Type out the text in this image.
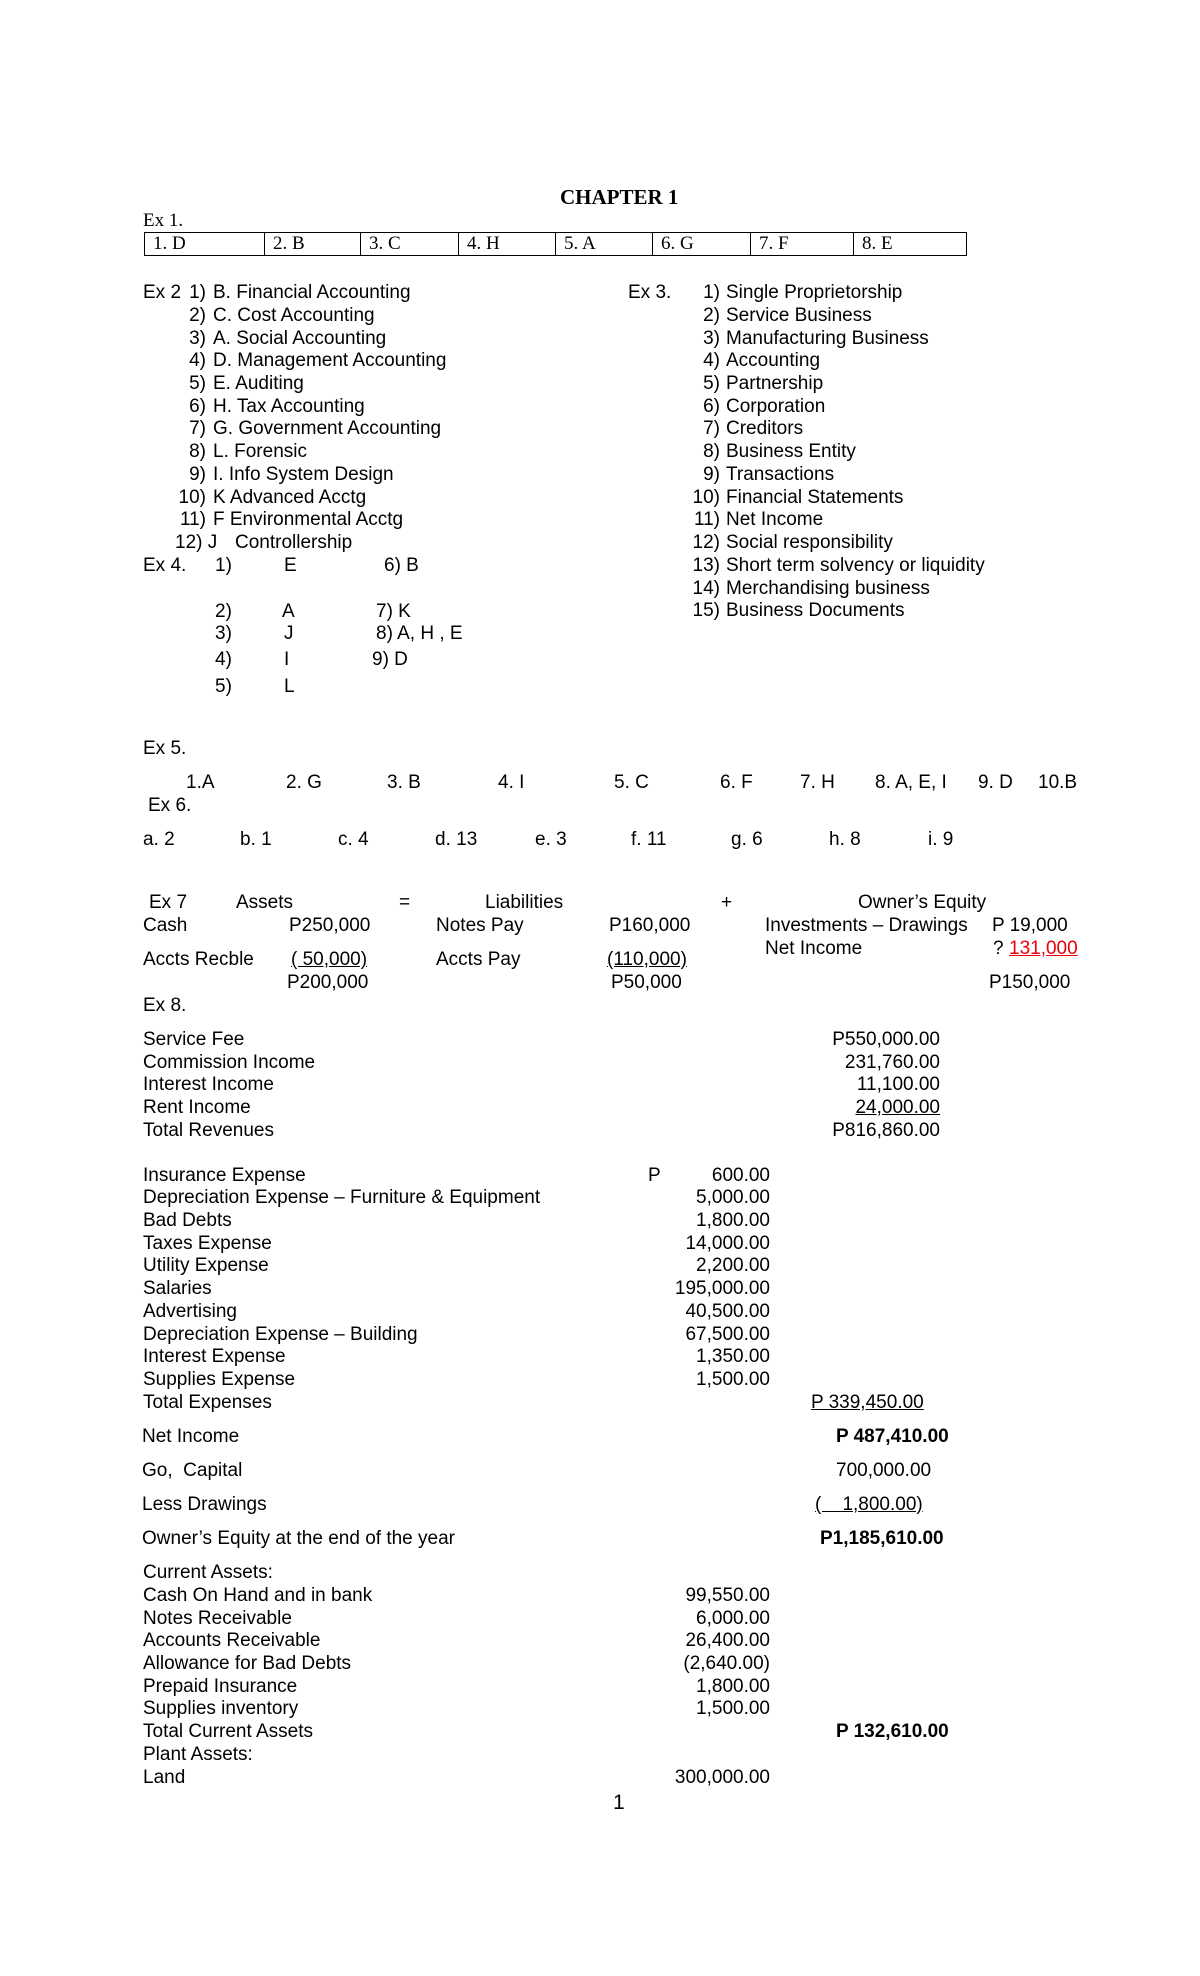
CHAPTER 1
Ex 1.
1. D	2. B	3. C	4. H	5. A	6. G	7. F	8. E
Ex 2 1) B. Financial Accounting
2) C. Cost Accounting
3) A. Social Accounting
4) D. Management Accounting
5) E. Auditing
6) H. Tax Accounting
7) G. Government Accounting
8) L. Forensic
9) I. Info System Design
10) K Advanced Acctg
11) F Environmental Acctg
12) J Controllership
Ex 3.	1) Single Proprietorship
2) Service Business
3) Manufacturing Business
4) Accounting
5) Partnership
6) Corporation
7) Creditors
8) Business Entity
9) Transactions
10) Financial Statements
11) Net Income
12) Social responsibility
13) Short term solvency or liquidity
14) Merchandising business
15) Business Documents
Ex 4. 1)	E	6) B
2)	A	7) K
3)	J	8) A, H , E
4)	I	9) D
5)	L
Ex 5.
1.A	2. G	3. B	4. I	5. C	6. F 7. H 8. A, E, I 9. D 10.B
Ex 6.
a. 2	b. 1	c. 4	d. 13	e. 3	f. 11	g. 6	h. 8	i. 9
Ex 7	Assets	=	Liabilities	+	Owner’s Equity
Cash	P250,000	Notes Pay	P160,000	Investments – Drawings P 19,000
Net Income	? 131,000
Accts Recble ( 50,000)	Accts Pay	(110,000)
P200,000	P50,000	P150,000
Ex 8.
Service Fee	P550,000.00
Commission Income	231,760.00
Interest Income	11,100.00
Rent Income	24,000.00
Total Revenues	P816,860.00
P
Insurance Expense	600.00
Depreciation Expense – Furniture & Equipment	5,000.00
Bad Debts	1,800.00
Taxes Expense	14,000.00
Utility Expense	2,200.00
Salaries	195,000.00
Advertising	40,500.00
Depreciation Expense – Building	67,500.00
Interest Expense	1,350.00
Supplies Expense	1,500.00
Total Expenses	P 339,450.00
Net Income	P 487,410.00
Go,  Capital	700,000.00
Less Drawings	(    1,800.00)
Owner’s Equity at the end of the year	P1,185,610.00
Current Assets:
Cash On Hand and in bank	99,550.00
Notes Receivable	6,000.00
Accounts Receivable	26,400.00
Allowance for Bad Debts	(2,640.00)
Prepaid Insurance	1,800.00
Supplies inventory	1,500.00
Total Current Assets	P 132,610.00
Plant Assets:
Land	300,000.00
1
